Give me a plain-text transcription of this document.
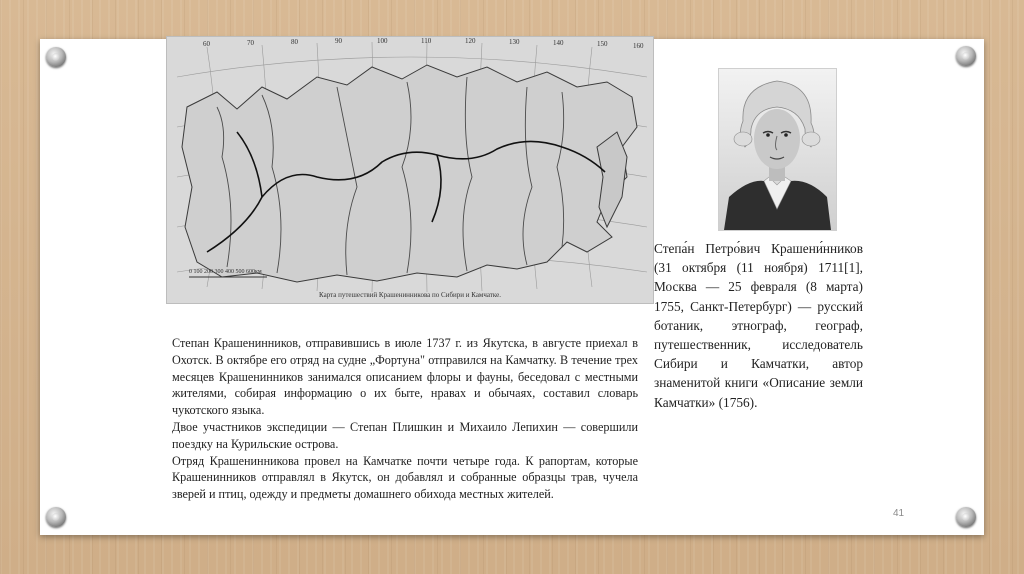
60	70	80	90	100	110	120	130	140	150	160
0 100 200 300 400 500 600км
Карта путешествий Крашенинникова по Сибири и Камчатке.
Степа́н Петро́вич Крашени́нников (31 октября (11 ноября) 1711[1], Москва — 25 февраля (8 марта) 1755, Санкт-Петербург) — русский ботаник, этнограф, географ, путешественник, исследователь Сибири и Камчатки, автор знаменитой книги «Описание земли Камчатки» (1756).

Степан Крашенинников, отправившись в июле 1737 г. из Якутска, в августе приехал в Охотск. В октябре его отряд на судне „Фортуна" отправился на Камчатку. В течение трех месяцев Крашенинников занимался описанием флоры и фауны, беседовал с местными жителями, собирая информацию о их быте, нравах и обычаях, составил словарь чукотского языка.

Двое участников экспедиции — Степан Плишкин и Михаило Лепихин — совершили поездку на Курильские острова.

Отряд Крашенинникова провел на Камчатке почти четыре года. К рапортам, которые Крашенинников отправлял в Якутск, он добавлял и собранные образцы трав, чучела зверей и птиц, одежду и предметы домашнего обихода местных жителей.

41
